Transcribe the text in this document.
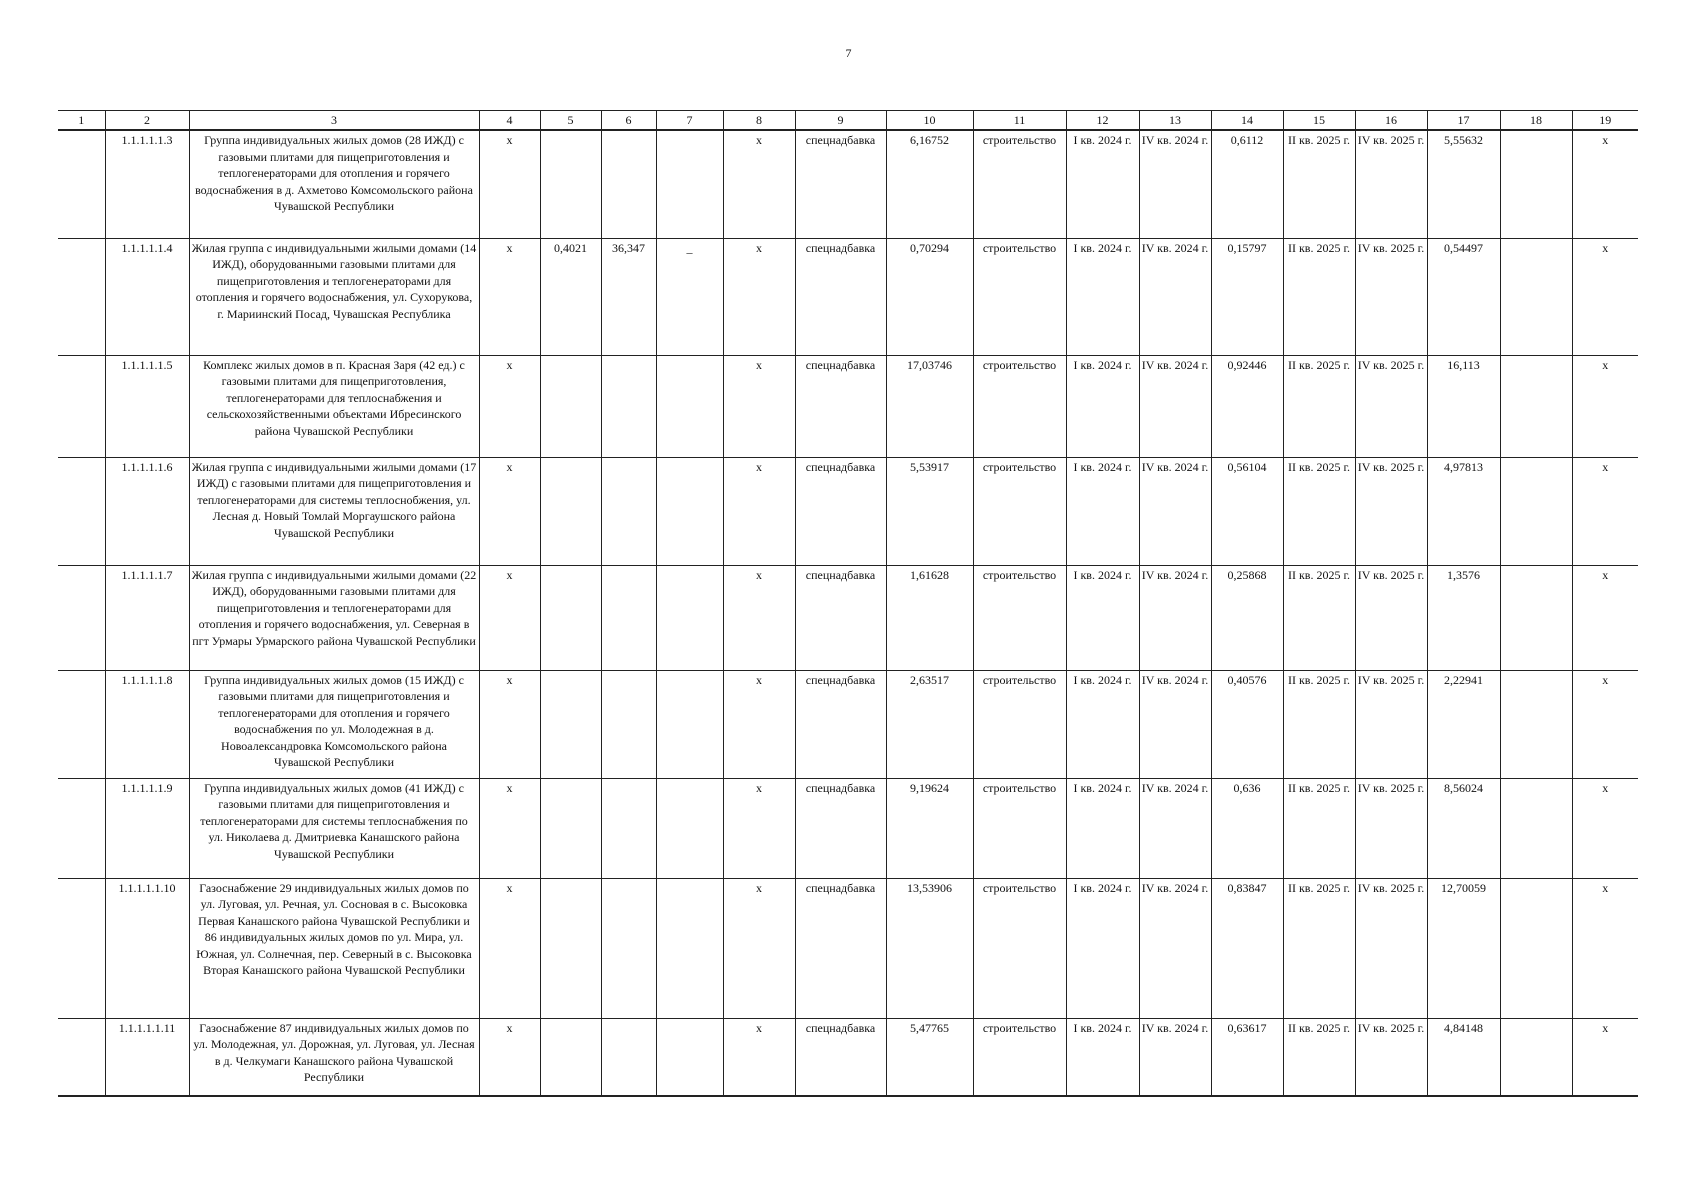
7
1	2	3	4	5	6	7	8	9	10	11	12	13	14	15	16	17	18	19
	1.1.1.1.1.3	Группа индивидуальных жилых домов (28 ИЖД) с газовыми плитами для пищеприготовления и теплогенераторами для отопления и горячего водоснабжения в д. Ахметово Комсомольского района Чувашской Республики	х				х	спецнадбавка	6,16752	строительство	I кв. 2024 г.	IV кв. 2024 г.	0,6112	II кв. 2025 г.	IV кв. 2025 г.	5,55632		х
	1.1.1.1.1.4	Жилая группа с индивидуальными жилыми домами (14 ИЖД), оборудованными газовыми плитами для пищеприготовления и теплогенераторами для отопления и горячего водоснабжения, ул. Сухорукова, г. Мариинский Посад, Чувашская Республика	х	0,4021	36,347	_	х	спецнадбавка	0,70294	строительство	I кв. 2024 г.	IV кв. 2024 г.	0,15797	II кв. 2025 г.	IV кв. 2025 г.	0,54497		х
	1.1.1.1.1.5	Комплекс жилых домов в п. Красная Заря (42 ед.) с газовыми плитами для пищеприготовления, теплогенераторами для теплоснабжения и сельскохозяйственными объектами Ибресинского района Чувашской Республики	х				х	спецнадбавка	17,03746	строительство	I кв. 2024 г.	IV кв. 2024 г.	0,92446	II кв. 2025 г.	IV кв. 2025 г.	16,113		х
	1.1.1.1.1.6	Жилая группа с индивидуальными жилыми домами (17 ИЖД) с газовыми плитами для пищеприготовления и теплогенераторами для системы теплоснобжения, ул. Лесная д. Новый Томлай Моргаушского района Чувашской Республики	х				х	спецнадбавка	5,53917	строительство	I кв. 2024 г.	IV кв. 2024 г.	0,56104	II кв. 2025 г.	IV кв. 2025 г.	4,97813		х
	1.1.1.1.1.7	Жилая группа с индивидуальными жилыми домами (22 ИЖД), оборудованными газовыми плитами для пищеприготовления и теплогенераторами для отопления и горячего водоснабжения, ул. Северная в пгт Урмары Урмарского района Чувашской Республики	х				х	спецнадбавка	1,61628	строительство	I кв. 2024 г.	IV кв. 2024 г.	0,25868	II кв. 2025 г.	IV кв. 2025 г.	1,3576		х
	1.1.1.1.1.8	Группа индивидуальных жилых домов (15 ИЖД) с газовыми плитами для пищеприготовления и теплогенераторами для отопления и горячего водоснабжения по ул. Молодежная в д. Новоалександровка Комсомольского района Чувашской Республики	х				х	спецнадбавка	2,63517	строительство	I кв. 2024 г.	IV кв. 2024 г.	0,40576	II кв. 2025 г.	IV кв. 2025 г.	2,22941		х
	1.1.1.1.1.9	Группа индивидуальных жилых домов (41 ИЖД) с газовыми плитами для пищеприготовления и теплогенераторами для системы теплоснабжения по ул. Николаева д. Дмитриевка Канашского района Чувашской Республики	х				х	спецнадбавка	9,19624	строительство	I кв. 2024 г.	IV кв. 2024 г.	0,636	II кв. 2025 г.	IV кв. 2025 г.	8,56024		х
	1.1.1.1.1.10	Газоснабжение 29 индивидуальных жилых домов по ул. Луговая, ул. Речная, ул. Сосновая в с. Высоковка Первая Канашского района Чувашской Республики и 86 индивидуальных жилых домов по ул. Мира, ул. Южная, ул. Солнечная, пер. Северный в с. Высоковка Вторая Канашского района Чувашской Республики	х				х	спецнадбавка	13,53906	строительство	I кв. 2024 г.	IV кв. 2024 г.	0,83847	II кв. 2025 г.	IV кв. 2025 г.	12,70059		х
	1.1.1.1.1.11	Газоснабжение 87 индивидуальных жилых домов по ул. Молодежная, ул. Дорожная, ул. Луговая, ул. Лесная в д. Челкумаги Канашского района Чувашской Республики	х				х	спецнадбавка	5,47765	строительство	I кв. 2024 г.	IV кв. 2024 г.	0,63617	II кв. 2025 г.	IV кв. 2025 г.	4,84148		х
